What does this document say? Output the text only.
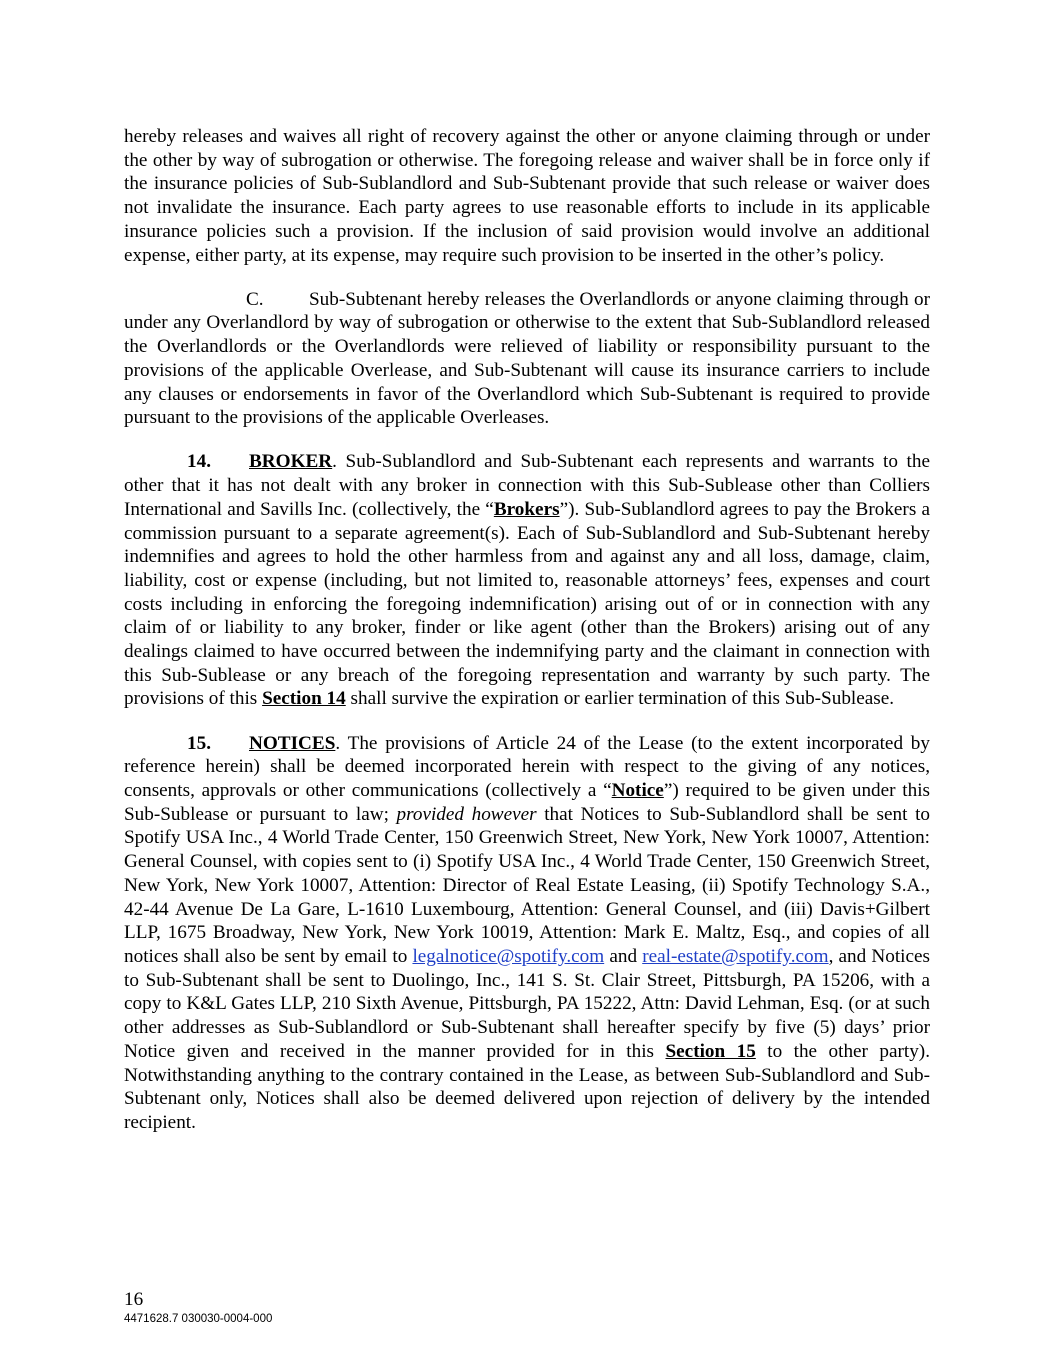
hereby releases and waives all right of recovery against the other or anyone claiming through or under the other by way of subrogation or otherwise. The foregoing release and waiver shall be in force only if the insurance policies of Sub-Sublandlord and Sub-Subtenant provide that such release or waiver does not invalidate the insurance. Each party agrees to use reasonable efforts to include in its applicable insurance policies such a provision. If the inclusion of said provision would involve an additional expense, either party, at its expense, may require such provision to be inserted in the other’s policy.

C. Sub-Subtenant hereby releases the Overlandlords or anyone claiming through or under any Overlandlord by way of subrogation or otherwise to the extent that Sub-Sublandlord released the Overlandlords or the Overlandlords were relieved of liability or responsibility pursuant to the provisions of the applicable Overlease, and Sub-Subtenant will cause its insurance carriers to include any clauses or endorsements in favor of the Overlandlord which Sub-Subtenant is required to provide pursuant to the provisions of the applicable Overleases.

14. BROKER. Sub-Sublandlord and Sub-Subtenant each represents and warrants to the other that it has not dealt with any broker in connection with this Sub-Sublease other than Colliers International and Savills Inc. (collectively, the “Brokers”). Sub-Sublandlord agrees to pay the Brokers a commission pursuant to a separate agreement(s). Each of Sub-Sublandlord and Sub-Subtenant hereby indemnifies and agrees to hold the other harmless from and against any and all loss, damage, claim, liability, cost or expense (including, but not limited to, reasonable attorneys’ fees, expenses and court costs including in enforcing the foregoing indemnification) arising out of or in connection with any claim of or liability to any broker, finder or like agent (other than the Brokers) arising out of any dealings claimed to have occurred between the indemnifying party and the claimant in connection with this Sub-Sublease or any breach of the foregoing representation and warranty by such party. The provisions of this Section 14 shall survive the expiration or earlier termination of this Sub-Sublease.

15. NOTICES. The provisions of Article 24 of the Lease (to the extent incorporated by reference herein) shall be deemed incorporated herein with respect to the giving of any notices, consents, approvals or other communications (collectively a “Notice”) required to be given under this Sub-Sublease or pursuant to law; provided however that Notices to Sub-Sublandlord shall be sent to Spotify USA Inc., 4 World Trade Center, 150 Greenwich Street, New York, New York 10007, Attention: General Counsel, with copies sent to (i) Spotify USA Inc., 4 World Trade Center, 150 Greenwich Street, New York, New York 10007, Attention: Director of Real Estate Leasing, (ii) Spotify Technology S.A., 42-44 Avenue De La Gare, L-1610 Luxembourg, Attention: General Counsel, and (iii) Davis+Gilbert LLP, 1675 Broadway, New York, New York 10019, Attention: Mark E. Maltz, Esq., and copies of all notices shall also be sent by email to legalnotice@spotify.com and real-estate@spotify.com, and Notices to Sub-Subtenant shall be sent to Duolingo, Inc., 141 S. St. Clair Street, Pittsburgh, PA 15206, with a copy to K&L Gates LLP, 210 Sixth Avenue, Pittsburgh, PA 15222, Attn: David Lehman, Esq. (or at such other addresses as Sub-Sublandlord or Sub-Subtenant shall hereafter specify by five (5) days’ prior Notice given and received in the manner provided for in this Section 15 to the other party). Notwithstanding anything to the contrary contained in the Lease, as between Sub-Sublandlord and Sub-Subtenant only, Notices shall also be deemed delivered upon rejection of delivery by the intended recipient.

16
4471628.7 030030-0004-000
